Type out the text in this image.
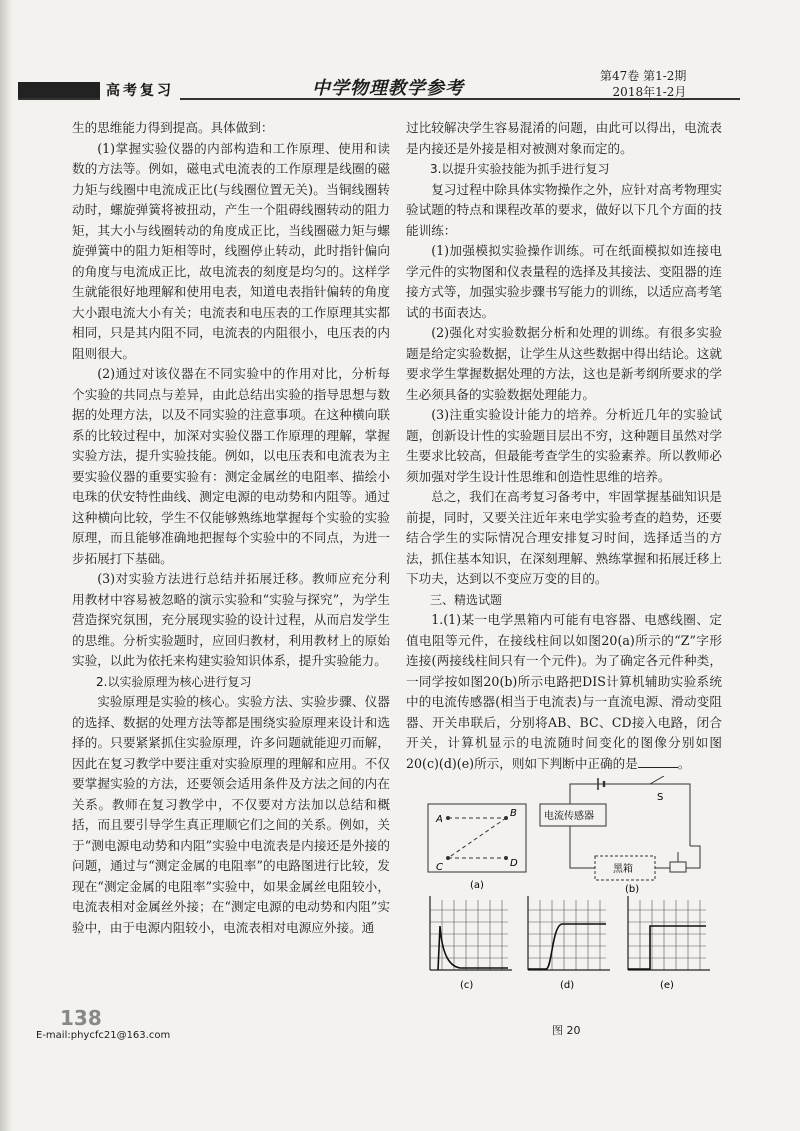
高考复习	中学物理教学参考
第47卷 第1-2期
2018年1-2月

生的思维能力得到提高。具体做到：

(1)掌握实验仪器的内部构造和工作原理、使用和读数的方法等。例如，磁电式电流表的工作原理是线圈的磁力矩与线圈中电流成正比(与线圈位置无关)。当铜线圈转动时，螺旋弹簧将被扭动，产生一个阻碍线圈转动的阻力矩，其大小与线圈转动的角度成正比，当线圈磁力矩与螺旋弹簧中的阻力矩相等时，线圈停止转动，此时指针偏向的角度与电流成正比，故电流表的刻度是均匀的。这样学生就能很好地理解和使用电表，知道电表指针偏转的角度大小跟电流大小有关；电流表和电压表的工作原理其实都相同，只是其内阻不同，电流表的内阻很小，电压表的内阻则很大。

(2)通过对该仪器在不同实验中的作用对比，分析每个实验的共同点与差异，由此总结出实验的指导思想与数据的处理方法，以及不同实验的注意事项。在这种横向联系的比较过程中，加深对实验仪器工作原理的理解，掌握实验方法，提升实验技能。例如，以电压表和电流表为主要实验仪器的重要实验有：测定金属丝的电阻率、描绘小电珠的伏安特性曲线、测定电源的电动势和内阻等。通过这种横向比较，学生不仅能够熟练地掌握每个实验的实验原理，而且能够准确地把握每个实验中的不同点，为进一步拓展打下基础。

(3)对实验方法进行总结并拓展迁移。教师应充分利用教材中容易被忽略的演示实验和“实验与探究”，为学生营造探究氛围，充分展现实验的设计过程，从而启发学生的思维。分析实验题时，应回归教材，利用教材上的原始实验，以此为依托来构建实验知识体系，提升实验能力。

2.以实验原理为核心进行复习

实验原理是实验的核心。实验方法、实验步骤、仪器的选择、数据的处理方法等都是围绕实验原理来设计和选择的。只要紧紧抓住实验原理，许多问题就能迎刃而解，因此在复习教学中要注重对实验原理的理解和应用。不仅要掌握实验的方法，还要领会适用条件及方法之间的内在关系。教师在复习教学中，不仅要对方法加以总结和概括，而且要引导学生真正理顺它们之间的关系。例如，关于“测电源电动势和内阻”实验中电流表是内接还是外接的问题，通过与“测定金属的电阻率”的电路图进行比较，发现在“测定金属的电阻率”实验中，如果金属丝电阻较小，电流表相对金属丝外接；在“测定电源的电动势和内阻”实验中，由于电源内阻较小，电流表相对电源应外接。通

过比较解决学生容易混淆的问题，由此可以得出，电流表是内接还是外接是相对被测对象而定的。

3.以提升实验技能为抓手进行复习

复习过程中除具体实物操作之外，应针对高考物理实验试题的特点和课程改革的要求，做好以下几个方面的技能训练：

(1)加强模拟实验操作训练。可在纸面模拟如连接电学元件的实物图和仪表量程的选择及其接法、变阻器的连接方式等，加强实验步骤书写能力的训练，以适应高考笔试的书面表达。

(2)强化对实验数据分析和处理的训练。有很多实验题是给定实验数据，让学生从这些数据中得出结论。这就要求学生掌握数据处理的方法，这也是新考纲所要求的学生必须具备的实验数据处理能力。

(3)注重实验设计能力的培养。分析近几年的实验试题，创新设计性的实验题目层出不穷，这种题目虽然对学生要求比较高，但最能考查学生的实验素养。所以教师必须加强对学生设计性思维和创造性思维的培养。

总之，我们在高考复习备考中，牢固掌握基础知识是前提，同时，又要关注近年来电学实验考查的趋势，还要结合学生的实际情况合理安排复习时间，选择适当的方法，抓住基本知识，在深刻理解、熟练掌握和拓展迁移上下功夫，达到以不变应万变的目的。

三、精选试题

1.(1)某一电学黑箱内可能有电容器、电感线圈、定值电阻等元件，在接线柱间以如图20(a)所示的“Z”字形连接(两接线柱间只有一个元件)。为了确定各元件种类，一同学按如图20(b)所示电路把DIS计算机辅助实验系统中的电流传感器(相当于电流表)与一直流电源、滑动变阻器、开关串联后，分别将AB、BC、CD接入电路，闭合开关，计算机显示的电流随时间变化的图像分别如图20(c)(d)(e)所示，则如下判断中正确的是	。

A
B
C	D
(a)
S
电流传感器
黑箱
(b)
(c)	(d)	(e)
图 20
138
E-mail:phycfc21@163.com
